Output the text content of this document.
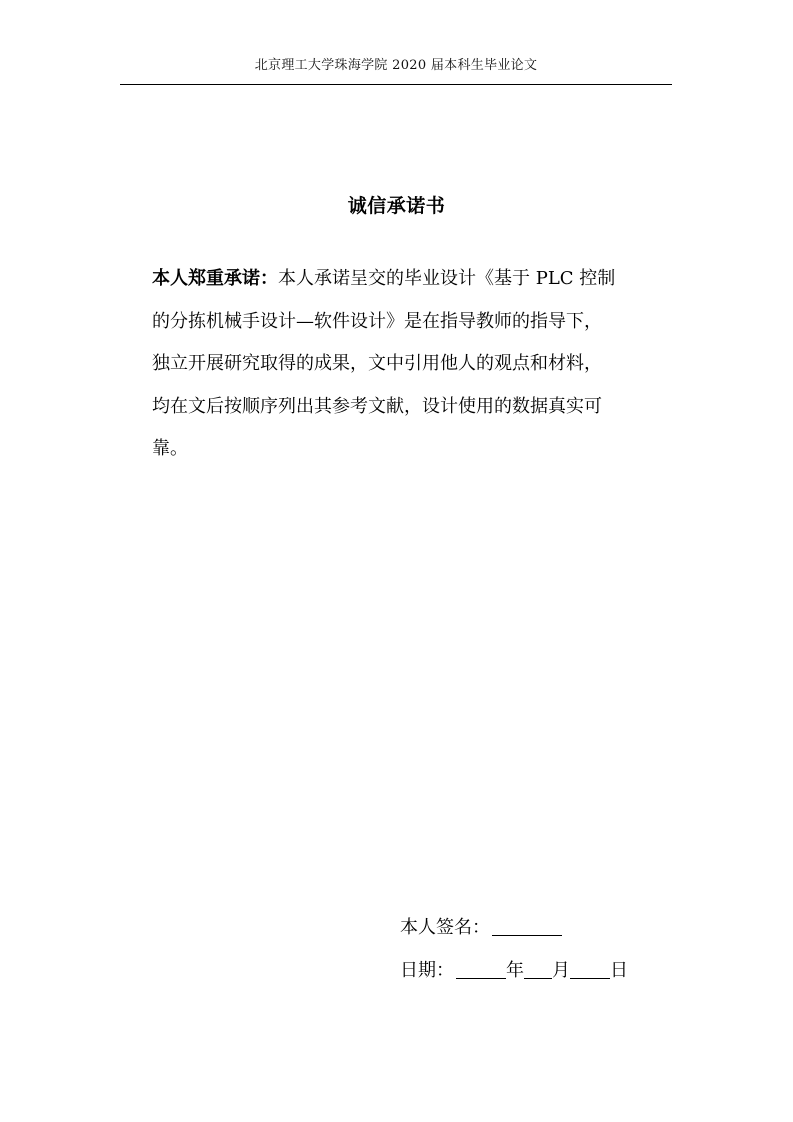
北京理工大学珠海学院 2020 届本科生毕业论文
诚信承诺书
本人郑重承诺：本人承诺呈交的毕业设计《基于 PLC 控制
的分拣机械手设计—软件设计》是在指导教师的指导下，
独立开展研究取得的成果，文中引用他人的观点和材料，
均在文后按顺序列出其参考文献，设计使用的数据真实可
靠。
本人签名：
日期：	年 月 日
